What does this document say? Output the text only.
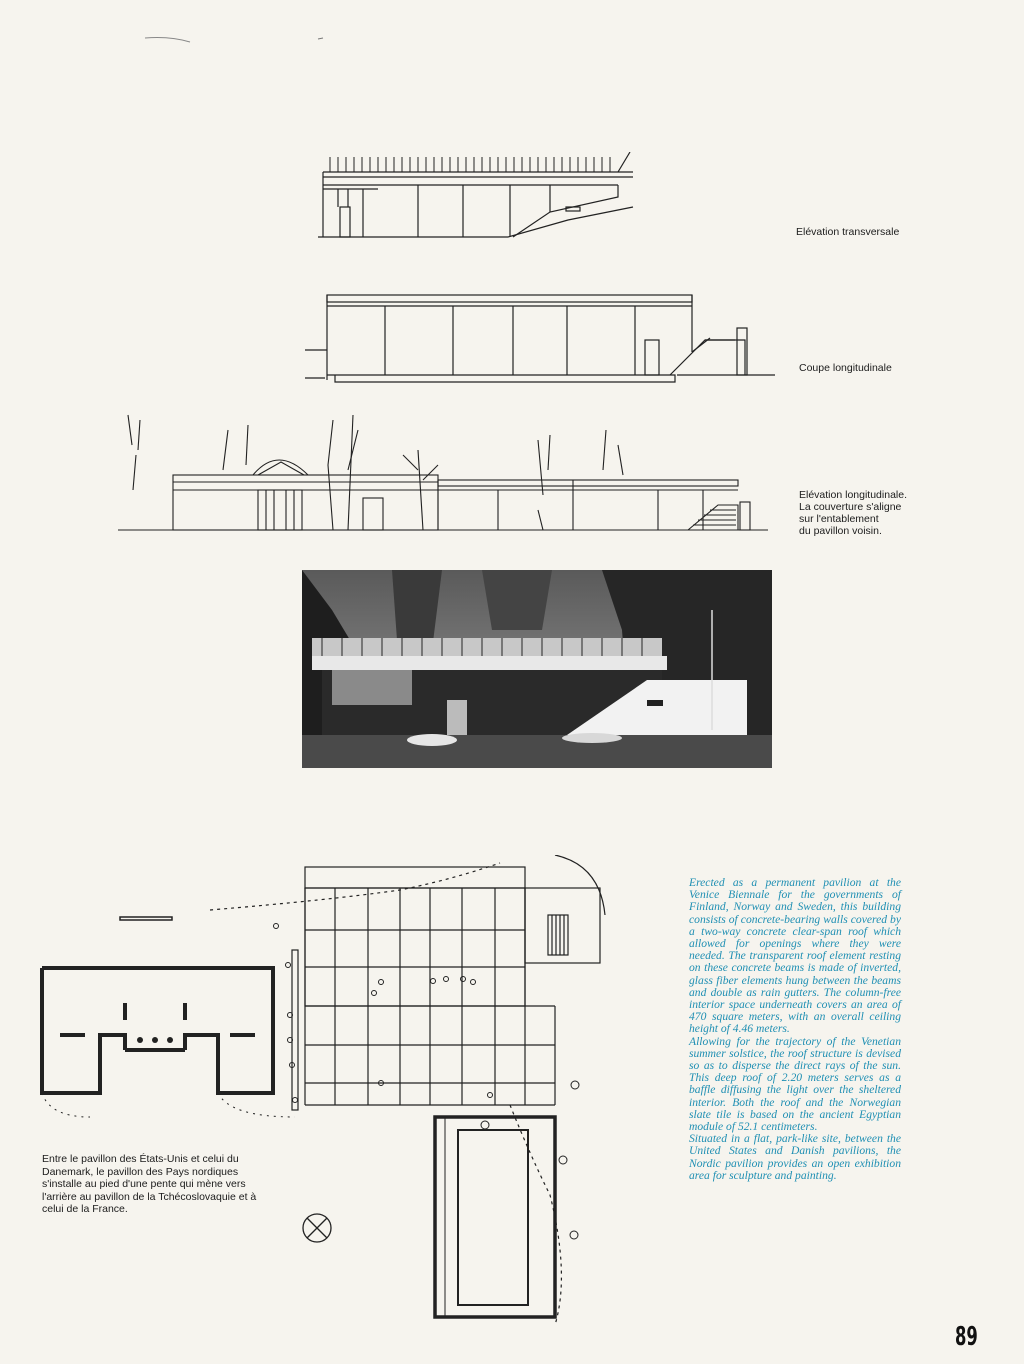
Elévation transversale
Coupe longitudinale
Elévation longitudinale.
La couverture s'aligne
sur l'entablement
du pavillon voisin.
Entre le pavillon des États-Unis et celui du Danemark, le pavillon des Pays nordiques s'installe au pied d'une pente qui mène vers l'arrière au pavillon de la Tchécoslovaquie et à celui de la France.

Erected as a permanent pavilion at the Venice Biennale for the governments of Finland, Norway and Sweden, this building consists of concrete-bearing walls covered by a two-way concrete clear-span roof which allowed for openings where they were needed. The transparent roof element resting on these concrete beams is made of inverted, glass fiber elements hung between the beams and double as rain gutters. The column-free interior space underneath covers an area of 470 square meters, with an overall ceiling height of 4.46 meters.

Allowing for the trajectory of the Venetian summer solstice, the roof structure is devised so as to disperse the direct rays of the sun. This deep roof of 2.20 meters serves as a baffle diffusing the light over the sheltered interior. Both the roof and the Norwegian slate tile is based on the ancient Egyptian module of 52.1 centimeters.

Situated in a flat, park-like site, between the United States and Danish pavilions, the Nordic pavilion provides an open exhibition area for sculpture and painting.

89
